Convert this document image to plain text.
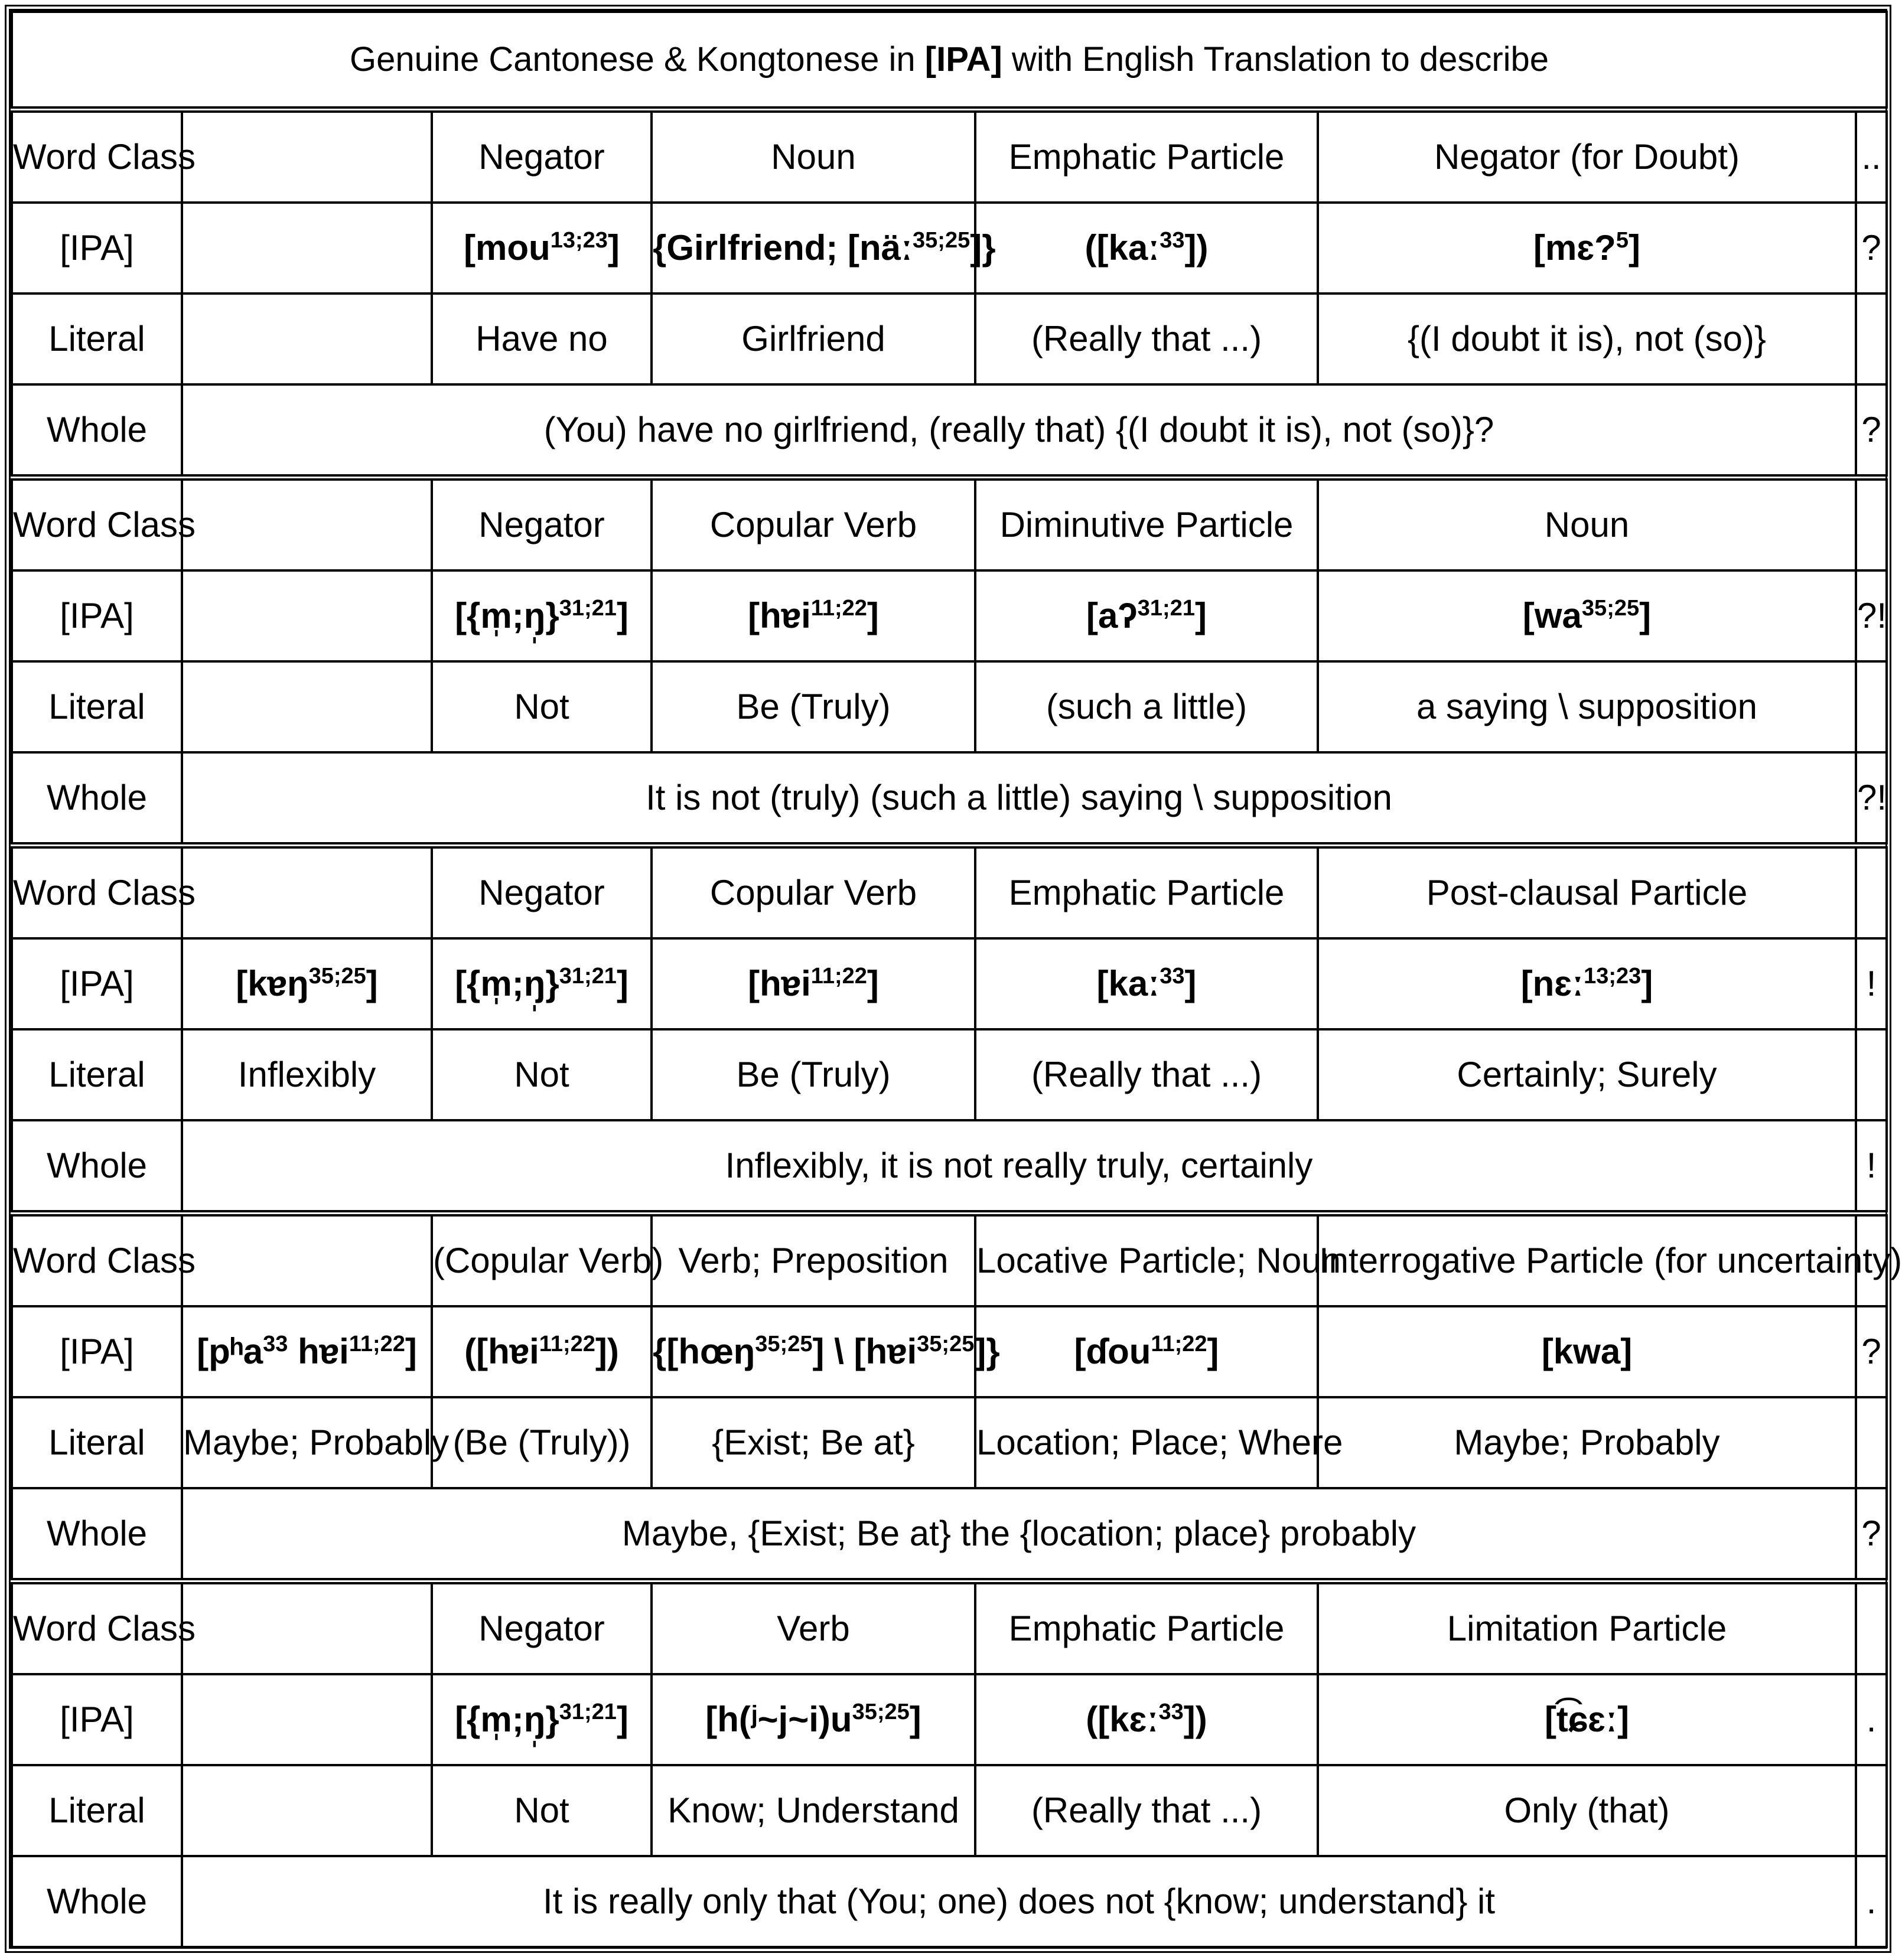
Genuine Cantonese & Kongtonese in [IPA] with English Translation to describe						
Word Class		Negator	Noun	Emphatic Particle	Negator (for Doubt)	..
[IPA]		[mou$^{13;23}$]	{Girlfriend; [näː$^{35;25}$]}	([kaː$^{33}$])	[mɛ?$^5$]	?
Literal		Have no	Girlfriend	(Really that ...)	{(I doubt it is), not (so)}	
Whole	(You) have no girlfriend, (really that) {(I doubt it is), not (so)}?					?
Word Class		Negator	Copular Verb	Diminutive Particle	Noun	
[IPA]		[{m̩;ŋ̩}$^{31;21}$]	[hɐi$^{11;22}$]	[aʔ$^{31;21}$]	$[wa^{35;25}]$	?!
Literal		Not	Be (Truly)	(such a little)	a saying \ supposition	
Whole	It is not (truly) (such a little) saying \ supposition					?!
Word Class		Negator	Copular Verb	Emphatic Particle	Post-clausal Particle	
[IPA]	[kɐŋ$^{35;25}$]	[{m̩;ŋ̩}$^{31;21}$]	[hɐi$^{11;22}$]	[kaː$^{33}$]	[nɛː$^{13;23}$]	!
Literal	Inflexibly	Not	Be (Truly)	(Really that ...)	Certainly; Surely	
Whole	Inflexibly, it is not really truly, certainly					!
Word Class		(Copular Verb)	Verb; Preposition	Locative Particle; Noun	Interrogative Particle (for uncertainty)	
[IPA]	[pʰa$^{33}$ hɐi$^{11;22}$]	([hɐi$^{11;22}$])	{[hœŋ$^{35;25}$] \ [hɐi$^{35;25}$]}	[ɗou$^{11;22}$]	[kwa]	?
Literal	Maybe; Probably	(Be (Truly))	{Exist; Be at}	Location; Place; Where	Maybe; Probably	
Whole	Maybe, {Exist; Be at} the {location; place} probably					?
Word Class		Negator	Verb	Emphatic Particle	Limitation Particle	
[IPA]		[{m̩;ŋ̩}$^{31;21}$]	$[h(ʲ\sim j\sim i)u^{35;25}]$	([kɛː$^{33}$])	[t͡ɕɛː]	.
Literal		Not	Know; Understand	(Really that ...)	Only (that)	
Whole	It is really only that (You; one) does not {know; understand} it					.
